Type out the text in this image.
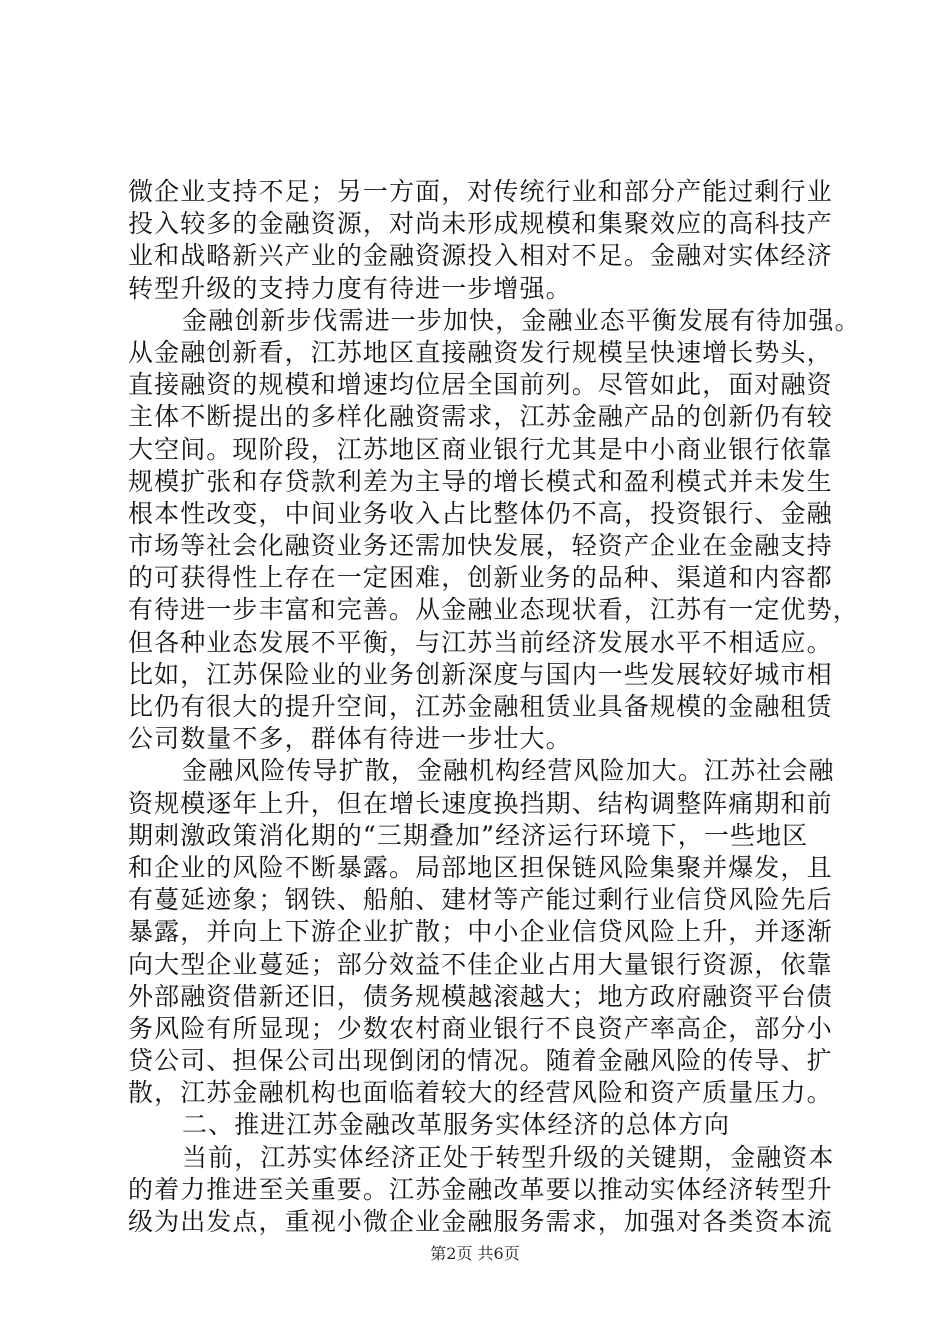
微企业支持不足；另一方面，对传统行业和部分产能过剩行业
投入较多的金融资源，对尚未形成规模和集聚效应的高科技产
业和战略新兴产业的金融资源投入相对不足。金融对实体经济
转型升级的支持力度有待进一步增强。
金融创新步伐需进一步加快，金融业态平衡发展有待加强。
从金融创新看，江苏地区直接融资发行规模呈快速增长势头，
直接融资的规模和增速均位居全国前列。尽管如此，面对融资
主体不断提出的多样化融资需求，江苏金融产品的创新仍有较
大空间。现阶段，江苏地区商业银行尤其是中小商业银行依靠
规模扩张和存贷款利差为主导的增长模式和盈利模式并未发生
根本性改变，中间业务收入占比整体仍不高，投资银行、金融
市场等社会化融资业务还需加快发展，轻资产企业在金融支持
的可获得性上存在一定困难，创新业务的品种、渠道和内容都
有待进一步丰富和完善。从金融业态现状看，江苏有一定优势，
但各种业态发展不平衡，与江苏当前经济发展水平不相适应。
比如，江苏保险业的业务创新深度与国内一些发展较好城市相
比仍有很大的提升空间，江苏金融租赁业具备规模的金融租赁
公司数量不多，群体有待进一步壮大。
金融风险传导扩散，金融机构经营风险加大。江苏社会融
资规模逐年上升，但在增长速度换挡期、结构调整阵痛期和前
期刺激政策消化期的“三期叠加”经济运行环境下，一些地区
和企业的风险不断暴露。局部地区担保链风险集聚并爆发，且
有蔓延迹象；钢铁、船舶、建材等产能过剩行业信贷风险先后
暴露，并向上下游企业扩散；中小企业信贷风险上升，并逐渐
向大型企业蔓延；部分效益不佳企业占用大量银行资源，依靠
外部融资借新还旧，债务规模越滚越大；地方政府融资平台债
务风险有所显现；少数农村商业银行不良资产率高企，部分小
贷公司、担保公司出现倒闭的情况。随着金融风险的传导、扩
散，江苏金融机构也面临着较大的经营风险和资产质量压力。
二、推进江苏金融改革服务实体经济的总体方向
当前，江苏实体经济正处于转型升级的关键期，金融资本
的着力推进至关重要。江苏金融改革要以推动实体经济转型升
级为出发点，重视小微企业金融服务需求，加强对各类资本流
第2页 共6页
